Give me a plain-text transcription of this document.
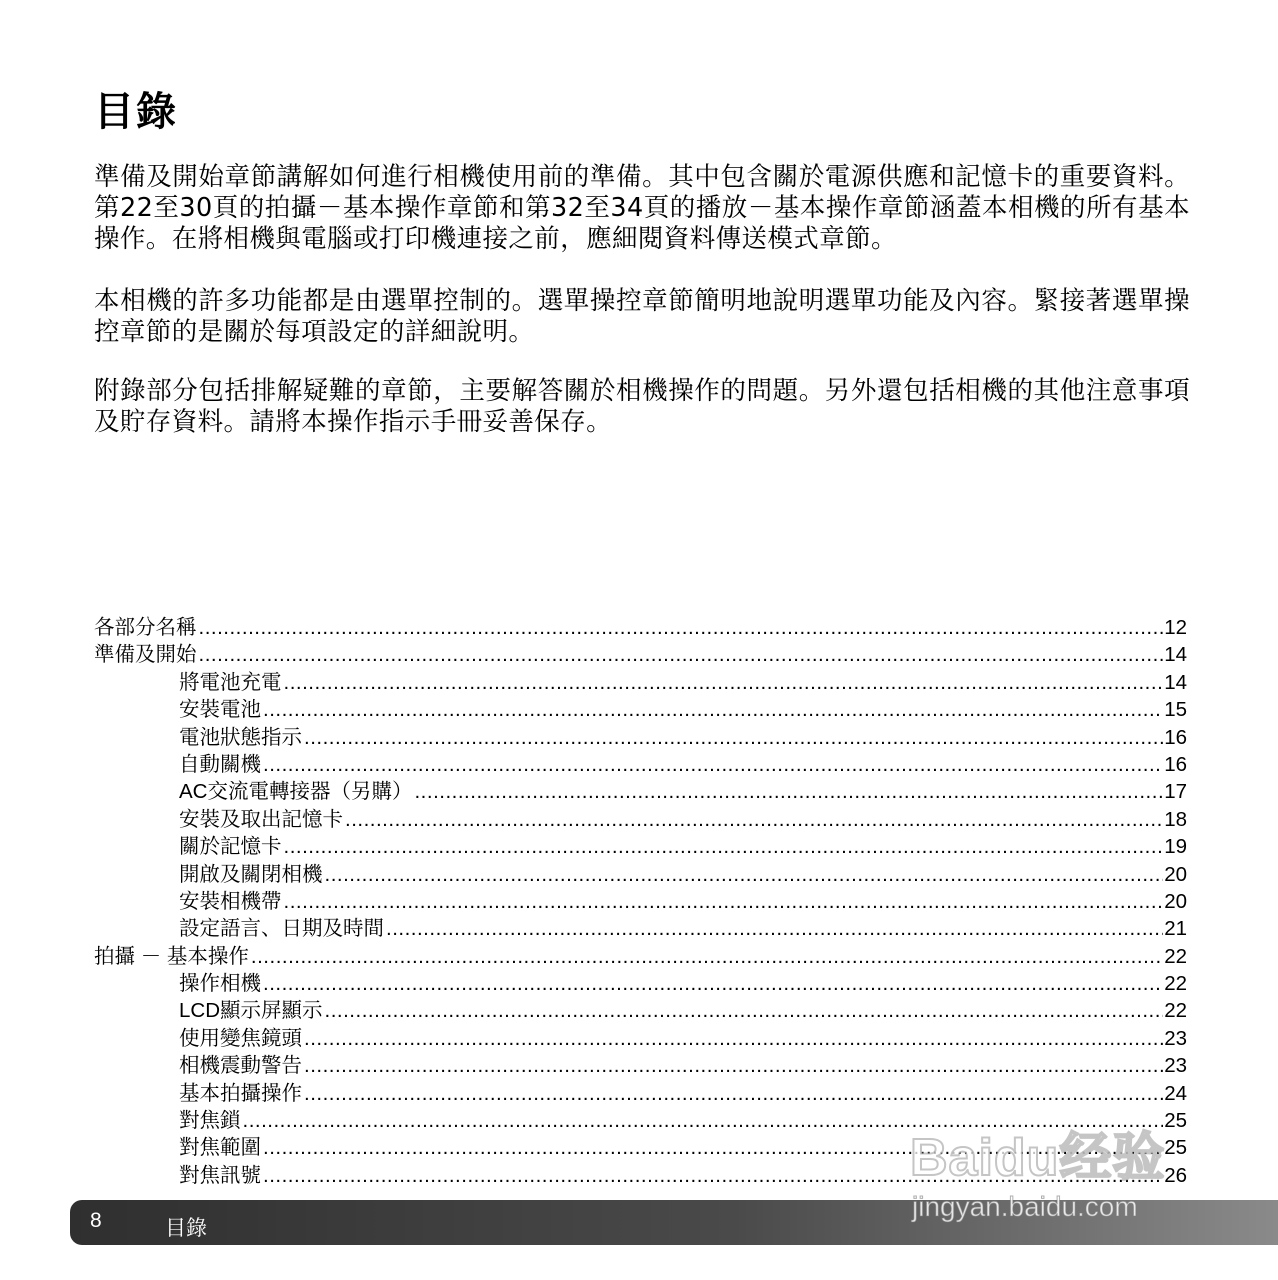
目錄

準備及開始章節講解如何進行相機使用前的準備。其中包含關於電源供應和記憶卡的重要資料。第22至30頁的拍攝－基本操作章節和第32至34頁的播放－基本操作章節涵蓋本相機的所有基本操作。在將相機與電腦或打印機連接之前，應細閱資料傳送模式章節。

本相機的許多功能都是由選單控制的。選單操控章節簡明地說明選單功能及內容。緊接著選單操控章節的是關於每項設定的詳細說明。

附錄部分包括排解疑難的章節，主要解答關於相機操作的問題。另外還包括相機的其他注意事項及貯存資料。請將本操作指示手冊妥善保存。

各部分名稱 .....	12
準備及開始 .....	14
將電池充電 .....	14
安裝電池 .....	15
電池狀態指示 .....	16
自動關機 .....	16
AC交流電轉接器（另購） .....	17
安裝及取出記憶卡 .....	18
關於記憶卡 .....	19
開啟及關閉相機 .....	20
安裝相機帶 .....	20
設定語言、日期及時間 .....	21
拍攝 － 基本操作 .....	22
操作相機 .....	22
LCD顯示屏顯示 .....	22
使用變焦鏡頭 .....	23
相機震動警告 .....	23
基本拍攝操作 .....	24
對焦鎖 .....	25
對焦範圍 .....	25
對焦訊號 .....	26
8	目錄
Baidu经验
jingyan.baidu.com
